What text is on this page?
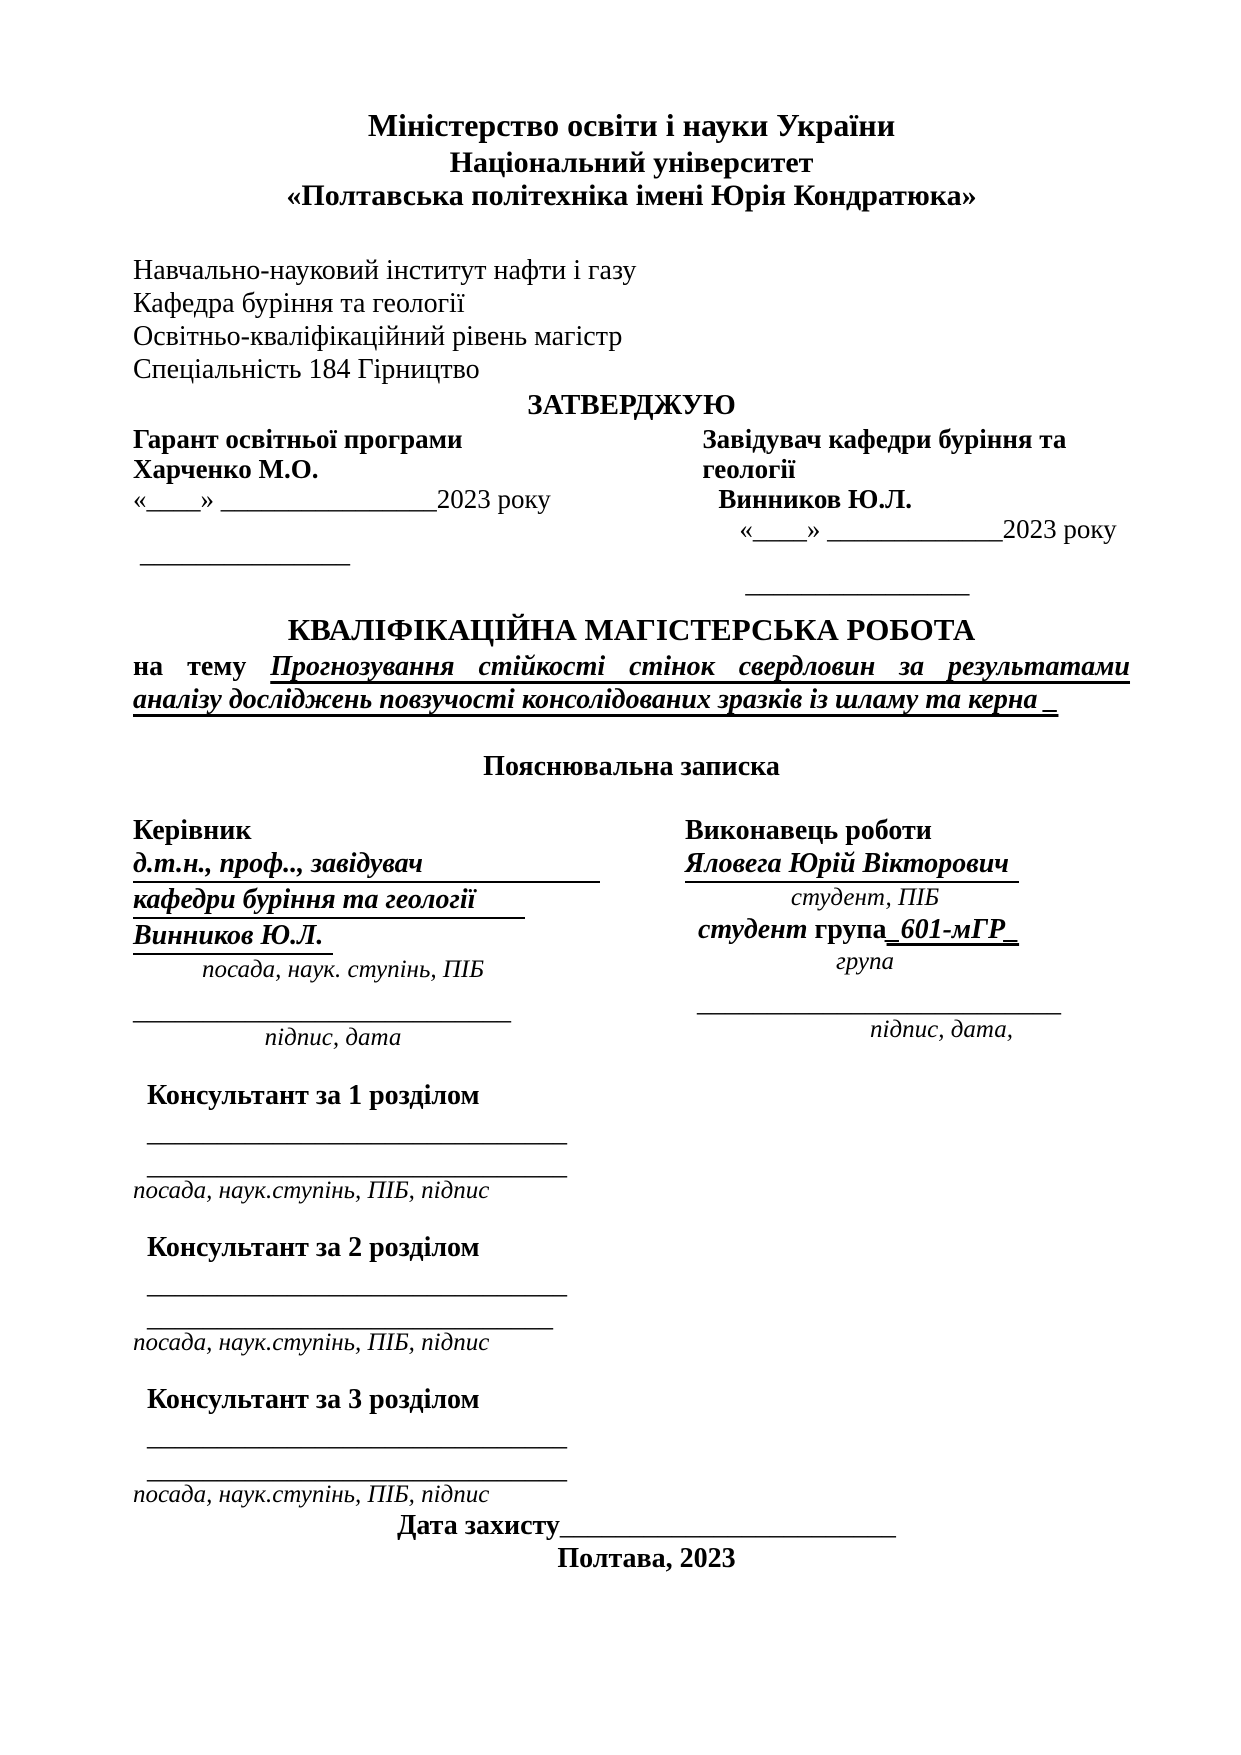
Міністерство освіти і науки України
Національний університет
«Полтавська політехніка імені Юрія Кондратюка»
Навчально-науковий інститут нафти і газу
Кафедра буріння та геології
Освітньо-кваліфікаційний рівень магістр
Спеціальність 184 Гірництво
ЗАТВЕРДЖУЮ
Гарант освітньої програми
Харченко М.О.
«____» ________________2023 року
_______________
Завідувач кафедри буріння та геології
Винников Ю.Л.
«____» _____________2023 року
________________
КВАЛІФІКАЦІЙНА МАГІСТЕРСЬКА РОБОТА
на тему Прогнозування стійкості стінок свердловин за результатами
аналізу досліджень повзучості консолідованих зразків із шламу та керна _
Пояснювальна записка
Керівник
д.т.н., проф.., завідувач
кафедри буріння та геології
Винников Ю.Л.
посада, наук. ступінь, ПІБ
___________________________
підпис, дата
Виконавець роботи
Яловега Юрій Вікторович
студент, ПІБ
студент група_601-мГР_
група
__________________________
підпис, дата,
Консультант за 1 розділом
______________________________
______________________________
посада, наук.ступінь, ПІБ, підпис
Консультант за 2 розділом
______________________________
_____________________________
посада, наук.ступінь, ПІБ, підпис
Консультант за 3 розділом
______________________________
______________________________
посада, наук.ступінь, ПІБ, підпис
Дата захисту________________________
Полтава, 2023
